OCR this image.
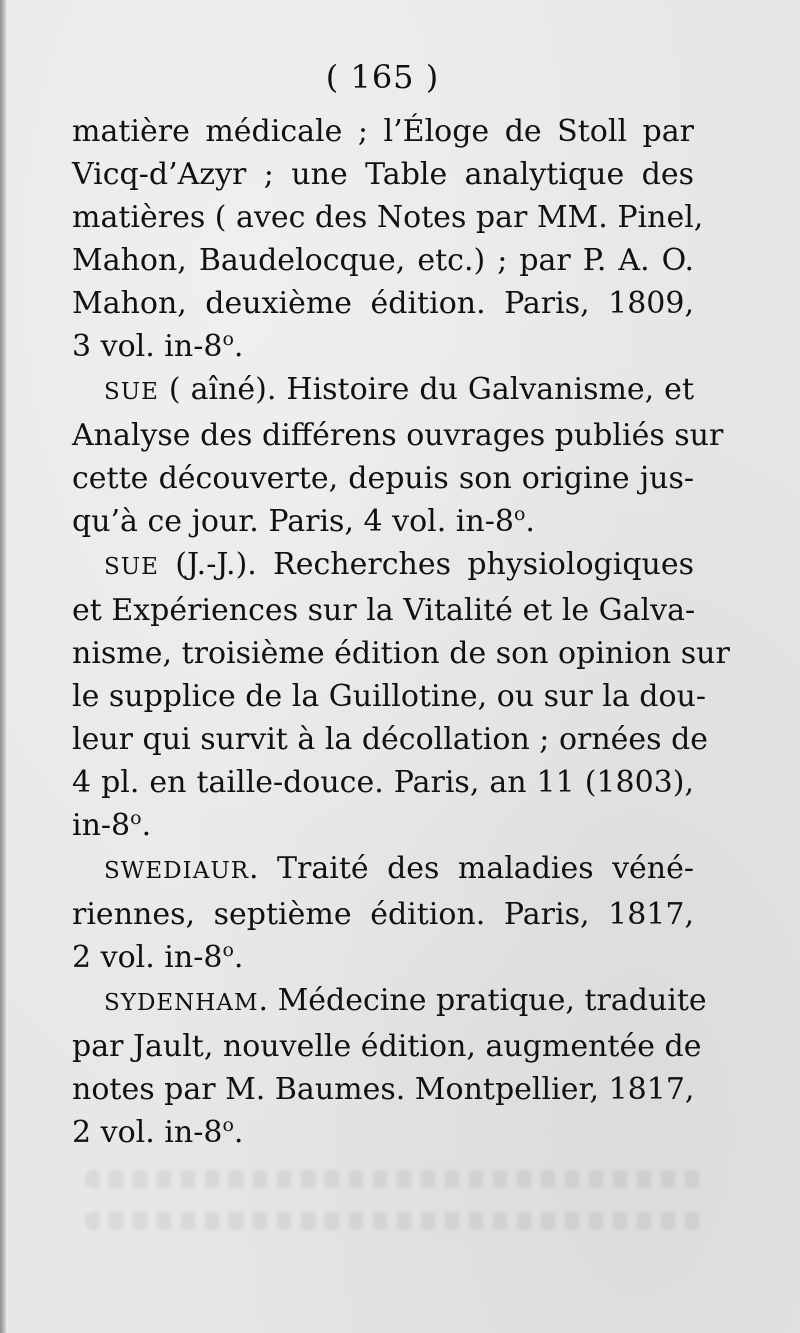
( 165 )
matière médicale ; l’Éloge de Stoll par
Vicq-d’Azyr ; une Table analytique des
matières ( avec des Notes par MM. Pinel,
Mahon, Baudelocque, etc.) ; par P. A. O.
Mahon, deuxième édition. Paris, 1809,
3 vol. in-8$^o$.
SUE ( aîné). Histoire du Galvanisme, et
Analyse des différens ouvrages publiés sur
cette découverte, depuis son origine jus-
qu’à ce jour. Paris, 4 vol. in-8$^o$.
SUE (J.-J.). Recherches physiologiques
et Expériences sur la Vitalité et le Galva-
nisme, troisième édition de son opinion sur
le supplice de la Guillotine, ou sur la dou-
leur qui survit à la décollation ; ornées de
4 pl. en taille-douce. Paris, an 11 (1803),
in-8$^o$.
SWEDIAUR. Traité des maladies véné-
riennes, septième édition. Paris, 1817,
2 vol. in-8$^o$.
SYDENHAM. Médecine pratique, traduite
par Jault, nouvelle édition, augmentée de
notes par M. Baumes. Montpellier, 1817,
2 vol. in-8$^o$.
